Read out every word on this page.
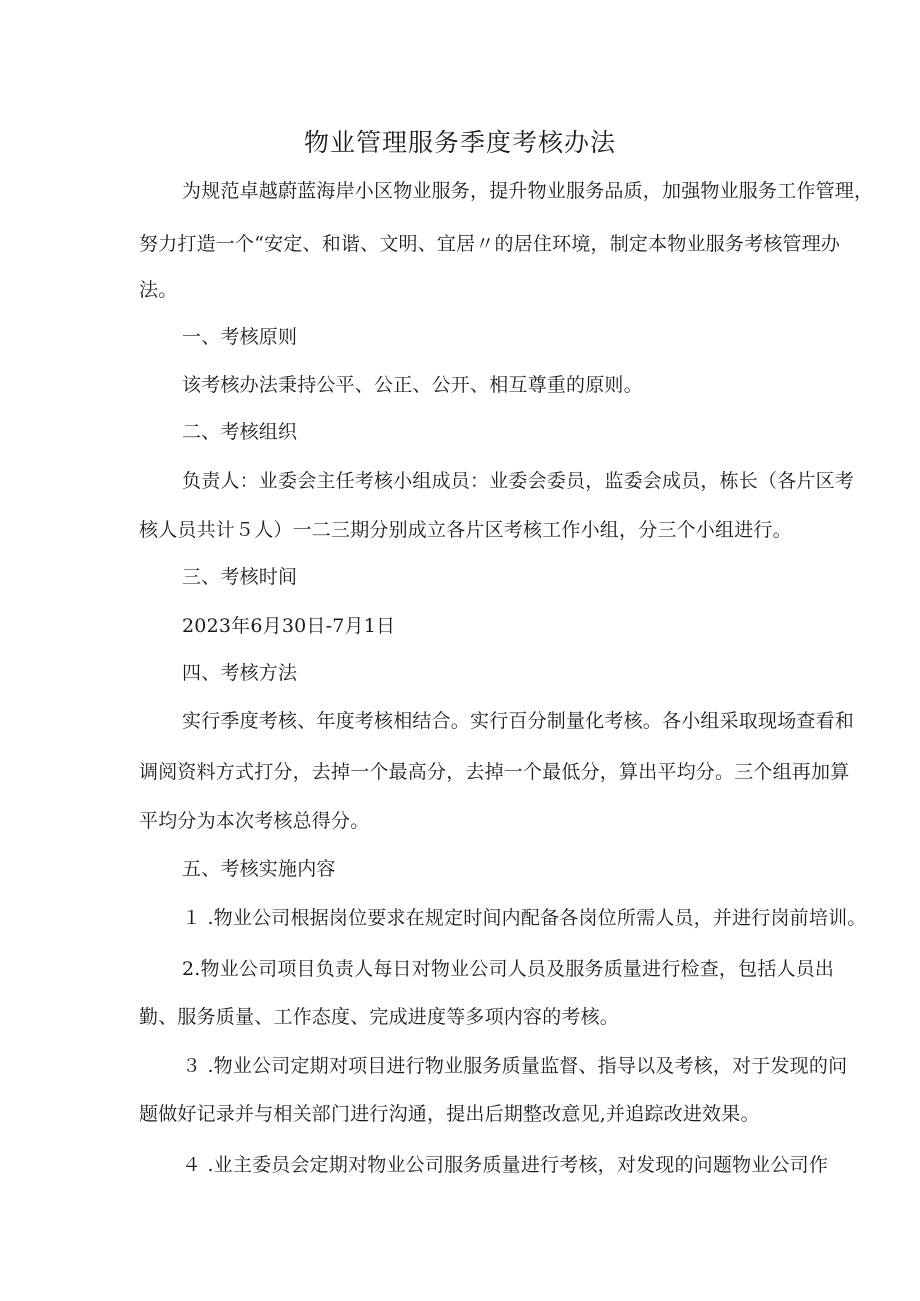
物业管理服务季度考核办法
为规范卓越蔚蓝海岸小区物业服务，提升物业服务品质，加强物业服务工作管理，
努力打造一个“安定、和谐、文明、宜居〃的居住环境，制定本物业服务考核管理办
法。
一、考核原则
该考核办法秉持公平、公正、公开、相互尊重的原则。
二、考核组织
负责人：业委会主任考核小组成员：业委会委员，监委会成员，栋长（各片区考
核人员共计５人）一二三期分别成立各片区考核工作小组，分三个小组进行。
三、考核时间
2023年6月30日-7月1日
四、考核方法
实行季度考核、年度考核相结合。实行百分制量化考核。各小组采取现场查看和
调阅资料方式打分，去掉一个最高分，去掉一个最低分，算出平均分。三个组再加算
平均分为本次考核总得分。
五、考核实施内容
１ .物业公司根据岗位要求在规定时间内配备各岗位所需人员，并进行岗前培训。
2.物业公司项目负责人每日对物业公司人员及服务质量进行检查，包括人员出
勤、服务质量、工作态度、完成进度等多项内容的考核。
３ .物业公司定期对项目进行物业服务质量监督、指导以及考核，对于发现的问
题做好记录并与相关部门进行沟通，提出后期整改意见,并追踪改进效果。
４ .业主委员会定期对物业公司服务质量进行考核，对发现的问题物业公司作
